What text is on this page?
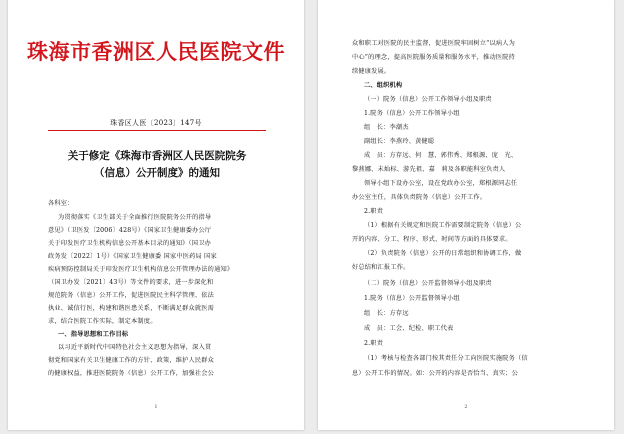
珠海市香洲区人民医院文件
珠香区人医〔2023〕147号
关于修定《珠海市香洲区人民医院院务
（信息）公开制度》的通知
各科室：
为贯彻落实《卫生部关于全面推行医院院务公开的指导
意见》（卫医发〔2006〕428号）《国家卫生健康委办公厅
关于印发医疗卫生机构信息公开基本目录的通知》（国卫办
政务发〔2022〕1号）《国家卫生健康委 国家中医药局 国家
疾病预防控制局关于印发医疗卫生机构信息公开管理办法的通知》
（国卫办发〔2021〕43号）等文件的要求，进一步深化和
规范院务（信息）公开工作，促进医院民主科学管理、依法
执业、诚信行医，构建和谐医患关系，不断满足群众就医需
求，结合医院工作实际，制定本制度。
一、指导思想和工作目标
以习近平新时代中国特色社会主义思想为指导，深入贯
彻党和国家有关卫生健康工作的方针、政策，维护人民群众
的健康权益，推进医院院务（信息）公开工作，加强社会公
1
众和职工对医院的民主监督，促进医院牢固树立“以病人为
中心”的理念，提高医院服务质量和服务水平，推动医院持
续健康发展。
二、组织机构
（一）院务（信息）公开工作领导小组及职责
1.院务（信息）公开工作领导小组
组　长：李潮杰
副组长：李燕玲、黄健聪
成　员：方存远、何　慧、郭伟秀、郑根源、庞　光、
黎燕娜、未灿标、游先祖、嘉　莉及各职能科室负责人
领导小组下设办公室，设在党政办公室，郑根源同志任
办公室主任，具体负责院务（信息）公开工作。
2.职责
（1）根据有关规定和医院工作需要制定院务（信息）公
开的内容、分工、程序、形式、时间等方面的具体要求。
（2）负责院务（信息）公开的日常组织和协调工作，做
好总结和汇报工作。
（二）院务（信息）公开监督领导小组及职责
1.院务（信息）公开监督领导小组
组　长：方存远
成　员：工会、纪检、职工代表
2.职责
（1）考核与检查各部门按其责任分工向医院实施院务（信
息）公开工作的情况。如：公开的内容是否恰当、真实；公
2
